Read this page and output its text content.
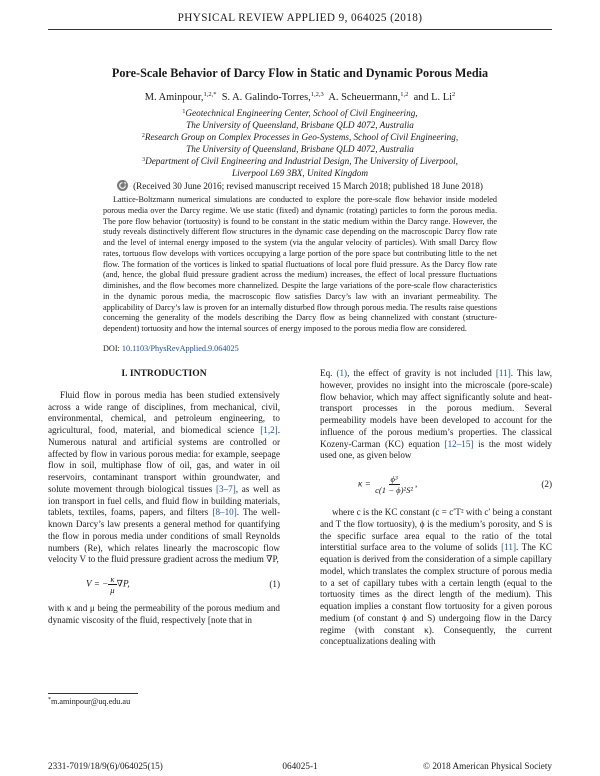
PHYSICAL REVIEW APPLIED 9, 064025 (2018)
Pore-Scale Behavior of Darcy Flow in Static and Dynamic Porous Media
M. Aminpour,$^{1,2,*}$ S. A. Galindo-Torres,$^{1,2,3}$ A. Scheuermann,$^{1,2}$ and L. Li$^2$
$^1$Geotechnical Engineering Center, School of Civil Engineering,
The University of Queensland, Brisbane QLD 4072, Australia
$^2$Research Group on Complex Processes in Geo-Systems, School of Civil Engineering,
The University of Queensland, Brisbane QLD 4072, Australia
$^3$Department of Civil Engineering and Industrial Design, The University of Liverpool,
Liverpool L69 3BX, United Kingdom
(Received 30 June 2016; revised manuscript received 15 March 2018; published 18 June 2018)

Lattice-Boltzmann numerical simulations are conducted to explore the pore-scale flow behavior inside modeled porous media over the Darcy regime. We use static (fixed) and dynamic (rotating) particles to form the porous media. The pore flow behavior (tortuosity) is found to be constant in the static medium within the Darcy range. However, the study reveals distinctively different flow structures in the dynamic case depending on the macroscopic Darcy flow rate and the level of internal energy imposed to the system (via the angular velocity of particles). With small Darcy flow rates, tortuous flow develops with vortices occupying a large portion of the pore space but contributing little to the net flow. The formation of the vortices is linked to spatial fluctuations of local pore fluid pressure. As the Darcy flow rate (and, hence, the global fluid pressure gradient across the medium) increases, the effect of local pressure fluctuations diminishes, and the flow becomes more channelized. Despite the large variations of the pore-scale flow characteristics in the dynamic porous media, the macroscopic flow satisfies Darcy’s law with an invariant permeability. The applicability of Darcy’s law is proven for an internally disturbed flow through porous media. The results raise questions concerning the generality of the models describing the Darcy flow as being channelized with constant (structure-dependent) tortuosity and how the internal sources of energy imposed to the porous media flow are considered.

DOI: 10.1103/PhysRevApplied.9.064025
I. INTRODUCTION

Fluid flow in porous media has been studied extensively across a wide range of disciplines, from mechanical, civil, environmental, chemical, and petroleum engineering, to agricultural, food, material, and biomedical science [1,2]. Numerous natural and artificial systems are controlled or affected by flow in various porous media: for example, seepage flow in soil, multiphase flow of oil, gas, and water in oil reservoirs, contaminant transport within groundwater, and solute movement through biological tissues [3–7], as well as ion transport in fuel cells, and fluid flow in building materials, tablets, textiles, foams, papers, and filters [8–10]. The well-known Darcy’s law presents a general method for quantifying the flow in porous media under conditions of small Reynolds numbers (Re), which relates linearly the macroscopic flow velocity V to the fluid pressure gradient across the medium ∇P,

V = − $\frac{\kappa}{\mu} \nabla P$,	(1)

with κ and μ being the permeability of the porous medium and dynamic viscosity of the fluid, respectively [note that in

Eq. (1), the effect of gravity is not included [11]. This law, however, provides no insight into the microscale (pore-scale) flow behavior, which may affect significantly solute and heat-transport processes in the porous medium. Several permeability models have been developed to account for the influence of the porous medium’s properties. The classical Kozeny-Carman (KC) equation [12–15] is the most widely used one, as given below

$\kappa = \frac{\text{ϕ³}}{\text{c(1 − ϕ)²S²}}$ ,	(2)

where c is the KC constant (c = c′T² with c′ being a constant and T the flow tortuosity), ϕ is the medium’s porosity, and S is the specific surface area equal to the ratio of the total interstitial surface area to the volume of solids [11]. The KC equation is derived from the consideration of a simple capillary model, which translates the complex structure of porous media to a set of capillary tubes with a certain length (equal to the tortuosity times as the direct length of the medium). This equation implies a constant flow tortuosity for a given porous medium (of constant ϕ and S) undergoing flow in the Darcy regime (with constant κ). Consequently, the current conceptualizations dealing with

*m.aminpour@uq.edu.au
2331-7019/18/9(6)/064025(15)	064025-1	© 2018 American Physical Society
